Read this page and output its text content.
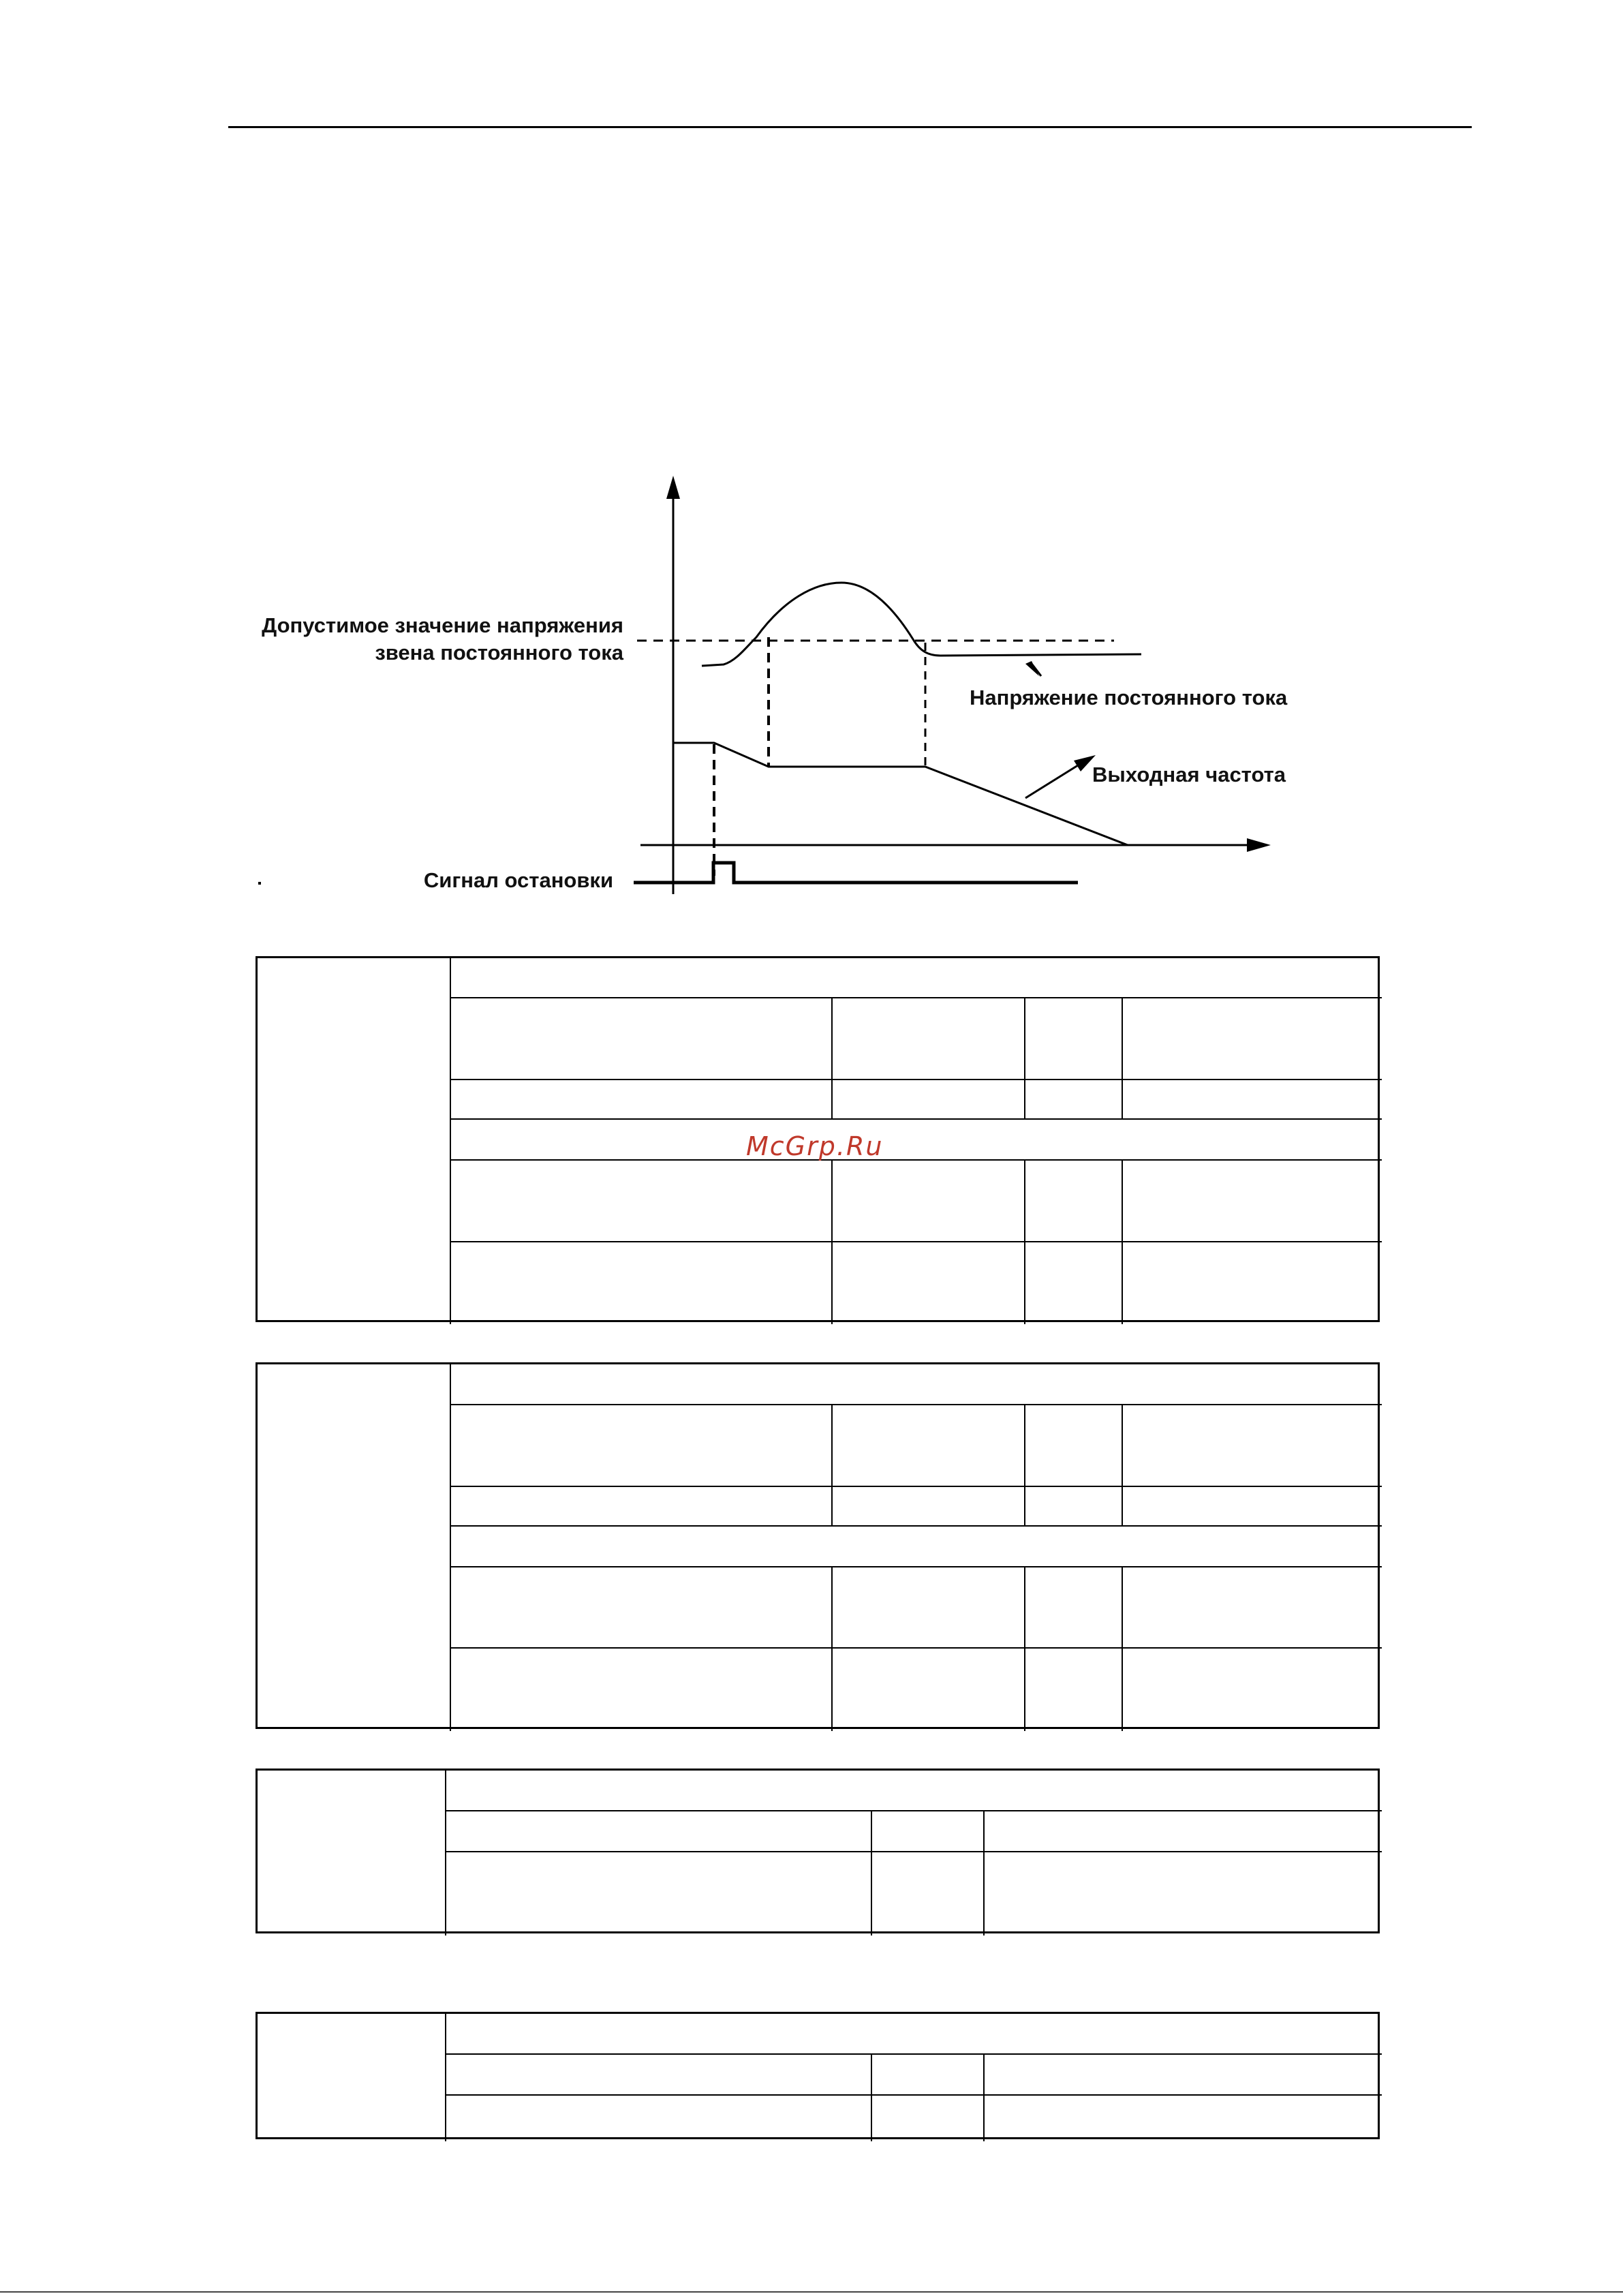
Допустимое значение напряжения
звена постоянного тока
Напряжение постоянного тока
Выходная частота
Сигнал остановки
McGrp.Ru
